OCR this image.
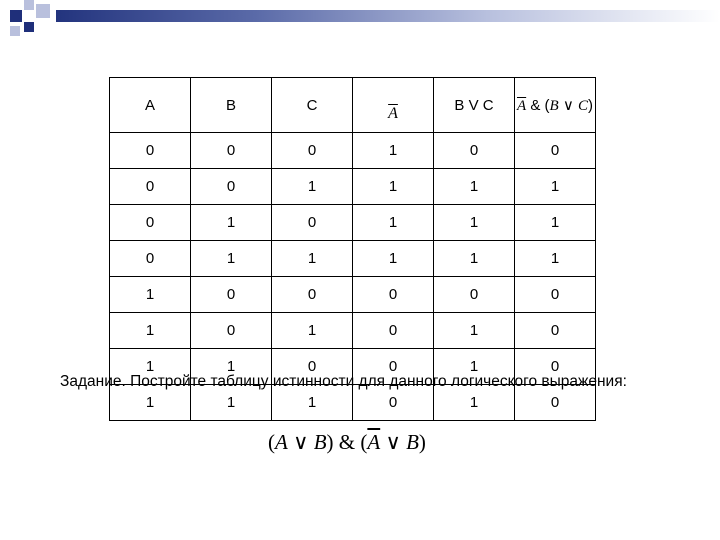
A	B	C	$\overline{A}$	B V C	$\overline{A}$ & (B ∨ C)
0	0	0	1	0	0
0	0	1	1	1	1
0	1	0	1	1	1
0	1	1	1	1	1
1	0	0	0	0	0
1	0	1	0	1	0
1	1	0	0	1	0
1	1	1	0	1	0
Задание. Постройте таблицу истинности для данного логического выражения:
(A ∨ B) & ($\overline{A}$ ∨ B)
